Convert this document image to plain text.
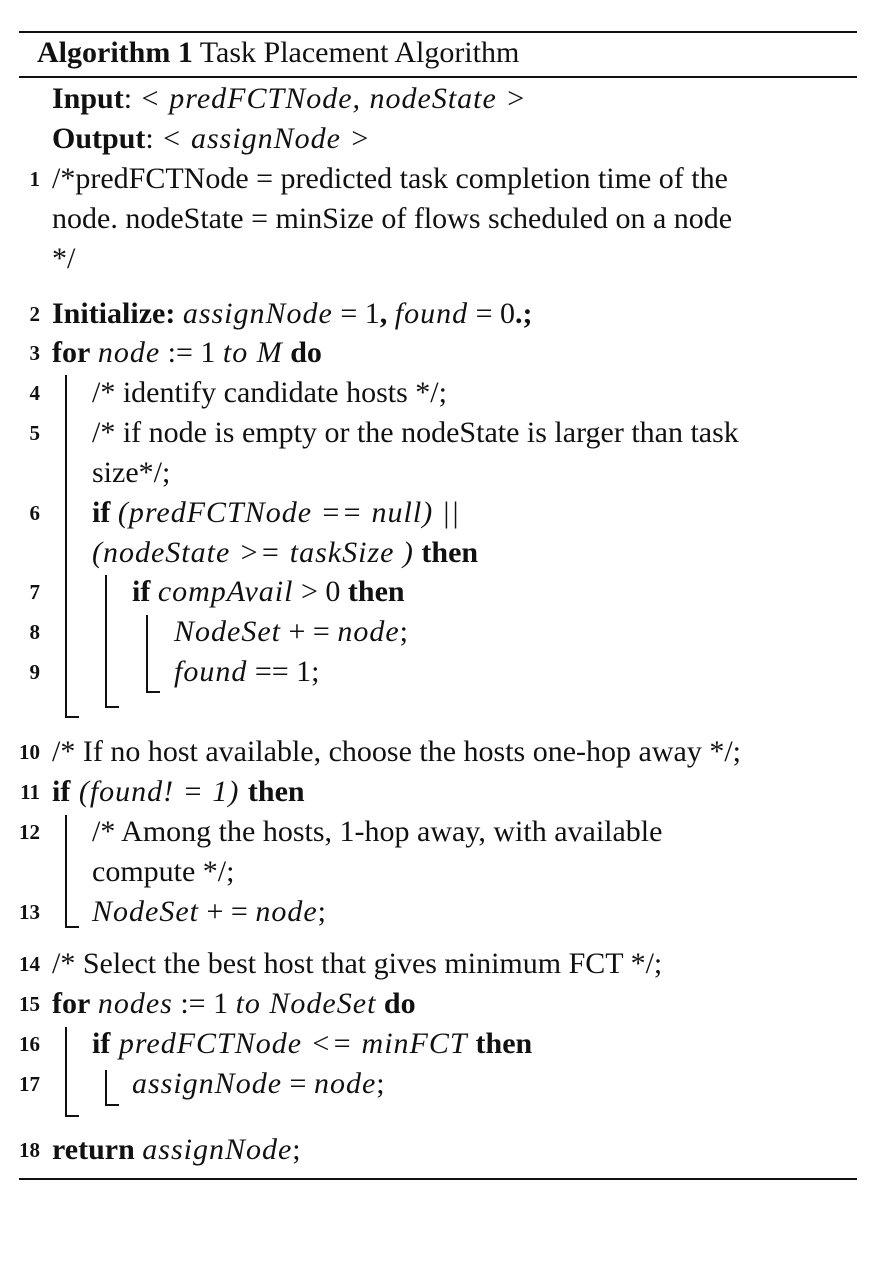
Algorithm 1 Task Placement Algorithm
Input: < predFCTNode, nodeState >
Output: < assignNode >
1 /*predFCTNode = predicted task completion time of the
node. nodeState = minSize of flows scheduled on a node
*/
2 Initialize: assignNode = 1, found = 0.;
3 for node := 1 to M do
4 /* identify candidate hosts */;
5 /* if node is empty or the nodeState is larger than task
size*/;
6 if (predFCTNode == null) ||
(nodeState >= taskSize ) then
7	if compAvail > 0 then
8	NodeSet + = node;
9	found == 1;
10 /* If no host available, choose the hosts one-hop away */;
11 if (found! = 1) then
12 /* Among the hosts, 1-hop away, with available
compute */;
13 NodeSet + = node;
14 /* Select the best host that gives minimum FCT */;
15 for nodes := 1 to NodeSet do
16 if predFCTNode <= minFCT then
17	assignNode = node;
18 return assignNode;
